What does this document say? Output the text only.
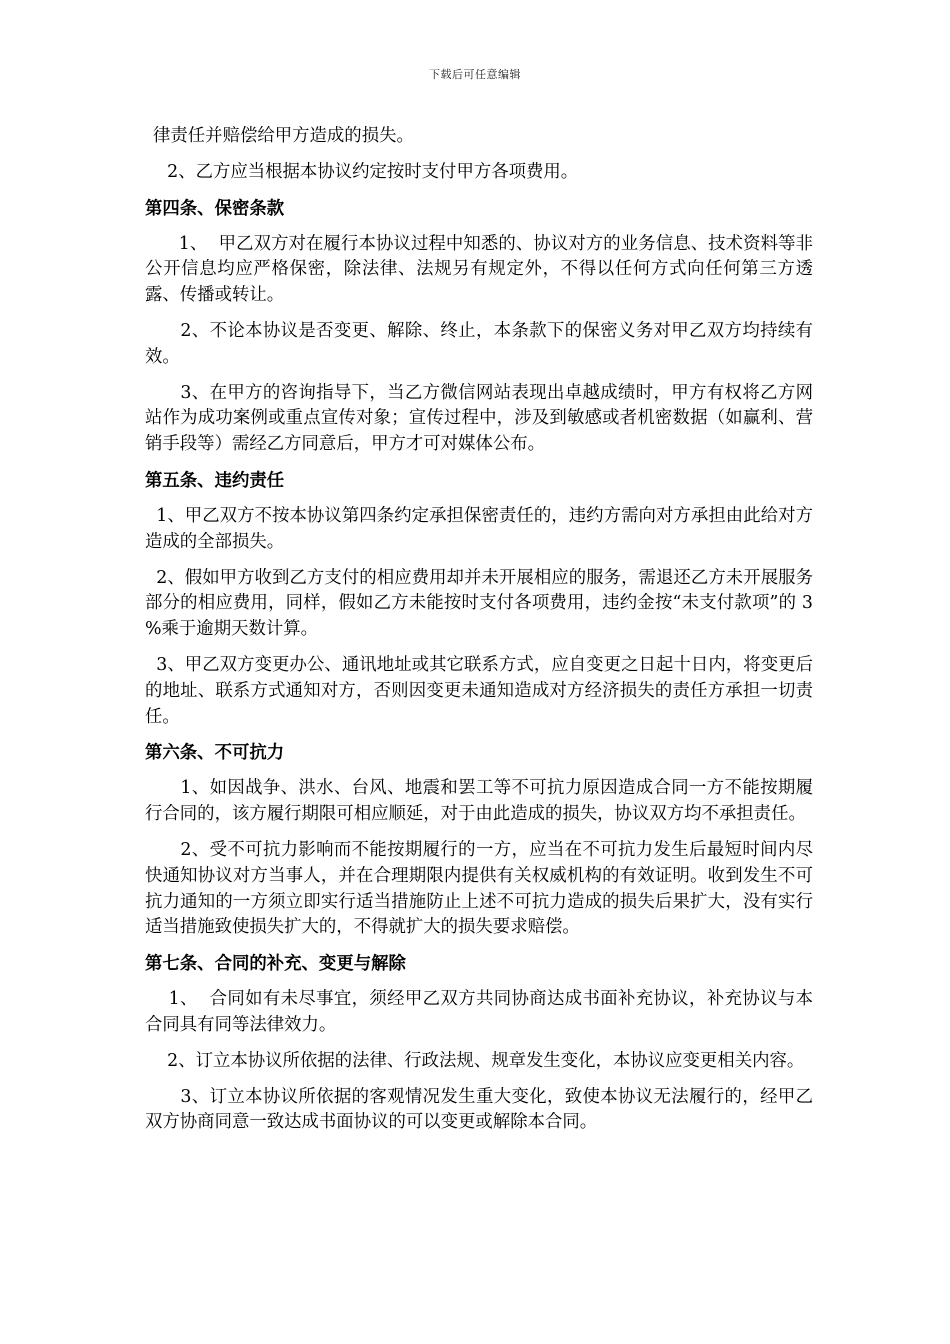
下载后可任意编辑

律责任并赔偿给甲方造成的损失。

2、乙方应当根据本协议约定按时支付甲方各项费用。

第四条、保密条款

1、  甲乙双方对在履行本协议过程中知悉的、协议对方的业务信息、技术资料等非公开信息均应严格保密，除法律、法规另有规定外，不得以任何方式向任何第三方透露、传播或转让。

2、不论本协议是否变更、解除、终止，本条款下的保密义务对甲乙双方均持续有效。

3、在甲方的咨询指导下，当乙方微信网站表现出卓越成绩时，甲方有权将乙方网站作为成功案例或重点宣传对象；宣传过程中，涉及到敏感或者机密数据（如赢利、营销手段等）需经乙方同意后，甲方才可对媒体公布。

第五条、违约责任

1、甲乙双方不按本协议第四条约定承担保密责任的，违约方需向对方承担由此给对方造成的全部损失。

2、假如甲方收到乙方支付的相应费用却并未开展相应的服务，需退还乙方未开展服务部分的相应费用，同样，假如乙方未能按时支付各项费用，违约金按“未支付款项”的 3 %乘于逾期天数计算。

3、甲乙双方变更办公、通讯地址或其它联系方式，应自变更之日起十日内，将变更后的地址、联系方式通知对方，否则因变更未通知造成对方经济损失的责任方承担一切责任。

第六条、不可抗力

1、如因战争、洪水、台风、地震和罢工等不可抗力原因造成合同一方不能按期履行合同的，该方履行期限可相应顺延，对于由此造成的损失，协议双方均不承担责任。

2、受不可抗力影响而不能按期履行的一方，应当在不可抗力发生后最短时间内尽快通知协议对方当事人，并在合理期限内提供有关权威机构的有效证明。收到发生不可抗力通知的一方须立即实行适当措施防止上述不可抗力造成的损失后果扩大，没有实行适当措施致使损失扩大的，不得就扩大的损失要求赔偿。

第七条、合同的补充、变更与解除

1、  合同如有未尽事宜，须经甲乙双方共同协商达成书面补充协议，补充协议与本合同具有同等法律效力。

2、订立本协议所依据的法律、行政法规、规章发生变化，本协议应变更相关内容。

3、订立本协议所依据的客观情况发生重大变化，致使本协议无法履行的，经甲乙双方协商同意一致达成书面协议的可以变更或解除本合同。
